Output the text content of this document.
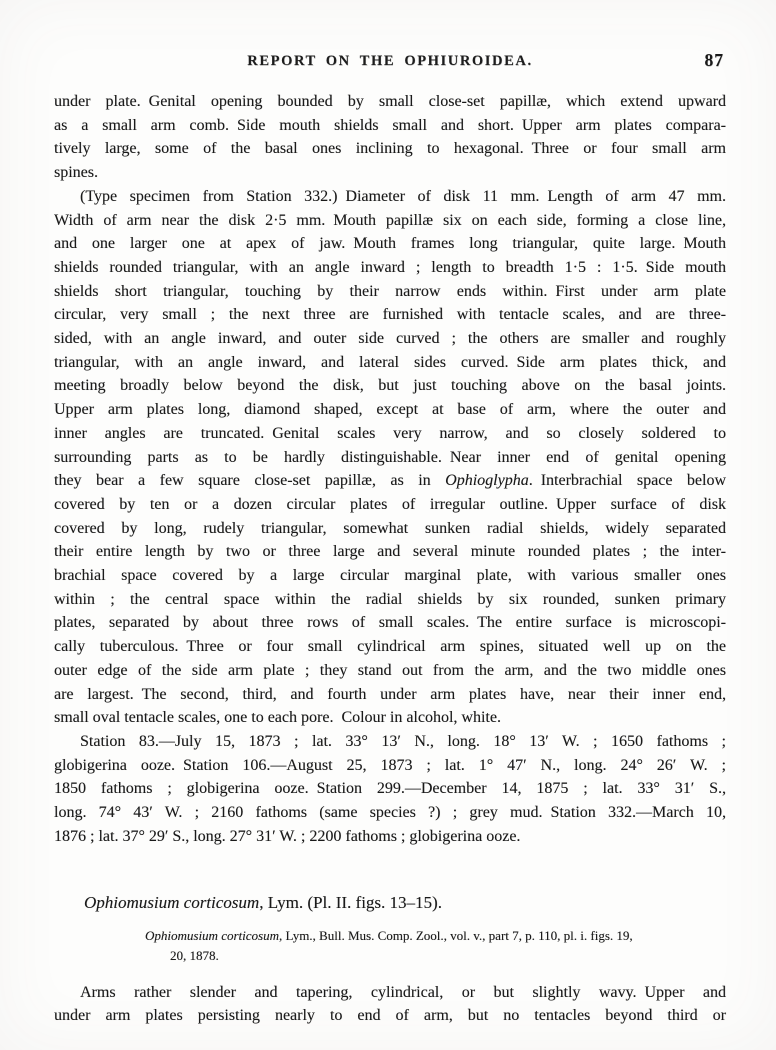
REPORT ON THE OPHIUROIDEA.	87
under plate. Genital opening bounded by small close-set papillæ, which extend upward
as a small arm comb. Side mouth shields small and short. Upper arm plates compara-
tively large, some of the basal ones inclining to hexagonal. Three or four small arm
spines.
(Type specimen from Station 332.) Diameter of disk 11 mm. Length of arm 47 mm.
Width of arm near the disk 2·5 mm. Mouth papillæ six on each side, forming a close line,
and one larger one at apex of jaw. Mouth frames long triangular, quite large. Mouth
shields rounded triangular, with an angle inward ; length to breadth 1·5 : 1·5. Side mouth
shields short triangular, touching by their narrow ends within. First under arm plate
circular, very small ; the next three are furnished with tentacle scales, and are three-
sided, with an angle inward, and outer side curved ; the others are smaller and roughly
triangular, with an angle inward, and lateral sides curved. Side arm plates thick, and
meeting broadly below beyond the disk, but just touching above on the basal joints.
Upper arm plates long, diamond shaped, except at base of arm, where the outer and
inner angles are truncated. Genital scales very narrow, and so closely soldered to
surrounding parts as to be hardly distinguishable. Near inner end of genital opening
they bear a few square close-set papillæ, as in Ophioglypha. Interbrachial space below
covered by ten or a dozen circular plates of irregular outline. Upper surface of disk
covered by long, rudely triangular, somewhat sunken radial shields, widely separated
their entire length by two or three large and several minute rounded plates ; the inter-
brachial space covered by a large circular marginal plate, with various smaller ones
within ; the central space within the radial shields by six rounded, sunken primary
plates, separated by about three rows of small scales. The entire surface is microscopi-
cally tuberculous. Three or four small cylindrical arm spines, situated well up on the
outer edge of the side arm plate ; they stand out from the arm, and the two middle ones
are largest. The second, third, and fourth under arm plates have, near their inner end,
small oval tentacle scales, one to each pore. Colour in alcohol, white.
Station 83.—July 15, 1873 ; lat. 33° 13′ N., long. 18° 13′ W. ; 1650 fathoms ;
globigerina ooze. Station 106.—August 25, 1873 ; lat. 1° 47′ N., long. 24° 26′ W. ;
1850 fathoms ; globigerina ooze. Station 299.—December 14, 1875 ; lat. 33° 31′ S.,
long. 74° 43′ W. ; 2160 fathoms (same species ?) ; grey mud. Station 332.—March 10,
1876 ; lat. 37° 29′ S., long. 27° 31′ W. ; 2200 fathoms ; globigerina ooze.
Ophiomusium corticosum, Lym. (Pl. II. figs. 13–15).
Ophiomusium corticosum, Lym., Bull. Mus. Comp. Zool., vol. v., part 7, p. 110, pl. i. figs. 19,
20, 1878.
Arms rather slender and tapering, cylindrical, or but slightly wavy. Upper and
under arm plates persisting nearly to end of arm, but no tentacles beyond third or
